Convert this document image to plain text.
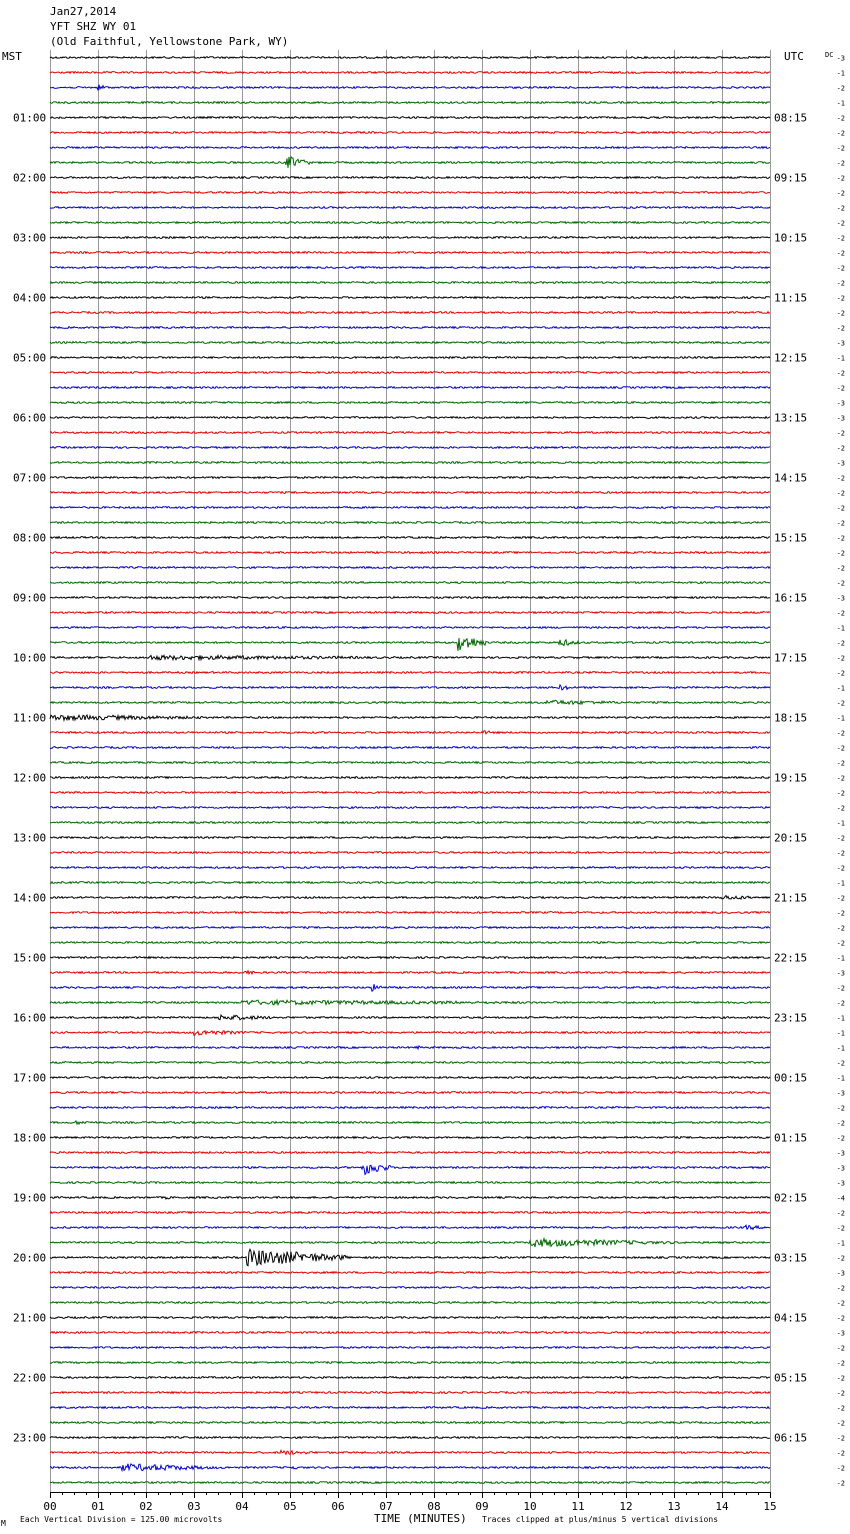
Jan27,2014
YFT SHZ WY 01
(Old Faithful, Yellowstone Park, WY)
MST	UTC	DC
00	01	02	03	04	05	06	07	08	09	10	11	12	13	14	15
-3
-1
-2
-1
-2
01:00	08:15
-2
-2
-2
-2
02:00	09:15
-2
-2
-2
-2
03:00	10:15
-2
-2
-2
-2
04:00	11:15
-2
-2
-3
-1
05:00	12:15
-2
-2
-3
-3
06:00	13:15
-2
-2
-3
-2
07:00	14:15
-2
-2
-2
-2
08:00	15:15
-2
-2
-2
-3
09:00	16:15
-2
-1
-2
-2
10:00	17:15
-2
-1
-2
-1
11:00	18:15
-2
-2
-2
-2
12:00	19:15
-2
-2
-1
-2
13:00	20:15
-2
-2
-1
-2
14:00	21:15
-2
-2
-2
-1
15:00	22:15
-3
-2
-2
-1
16:00	23:15
-1
-1
-2
-1
17:00	00:15
-3
-2
-2
-2
18:00	01:15
-3
-3
-3
-4
19:00	02:15
-2
-2
-1
-2
20:00	03:15
-3
-2
-2
-2
21:00	04:15
-3
-2
-2
-2
22:00	05:15
-2
-2
-2
-2
23:00	06:15
-2
-2
-2
M Each Vertical Division = 125.00 microvolts	TIME (MINUTES) Traces clipped at plus/minus 5 vertical divisions
